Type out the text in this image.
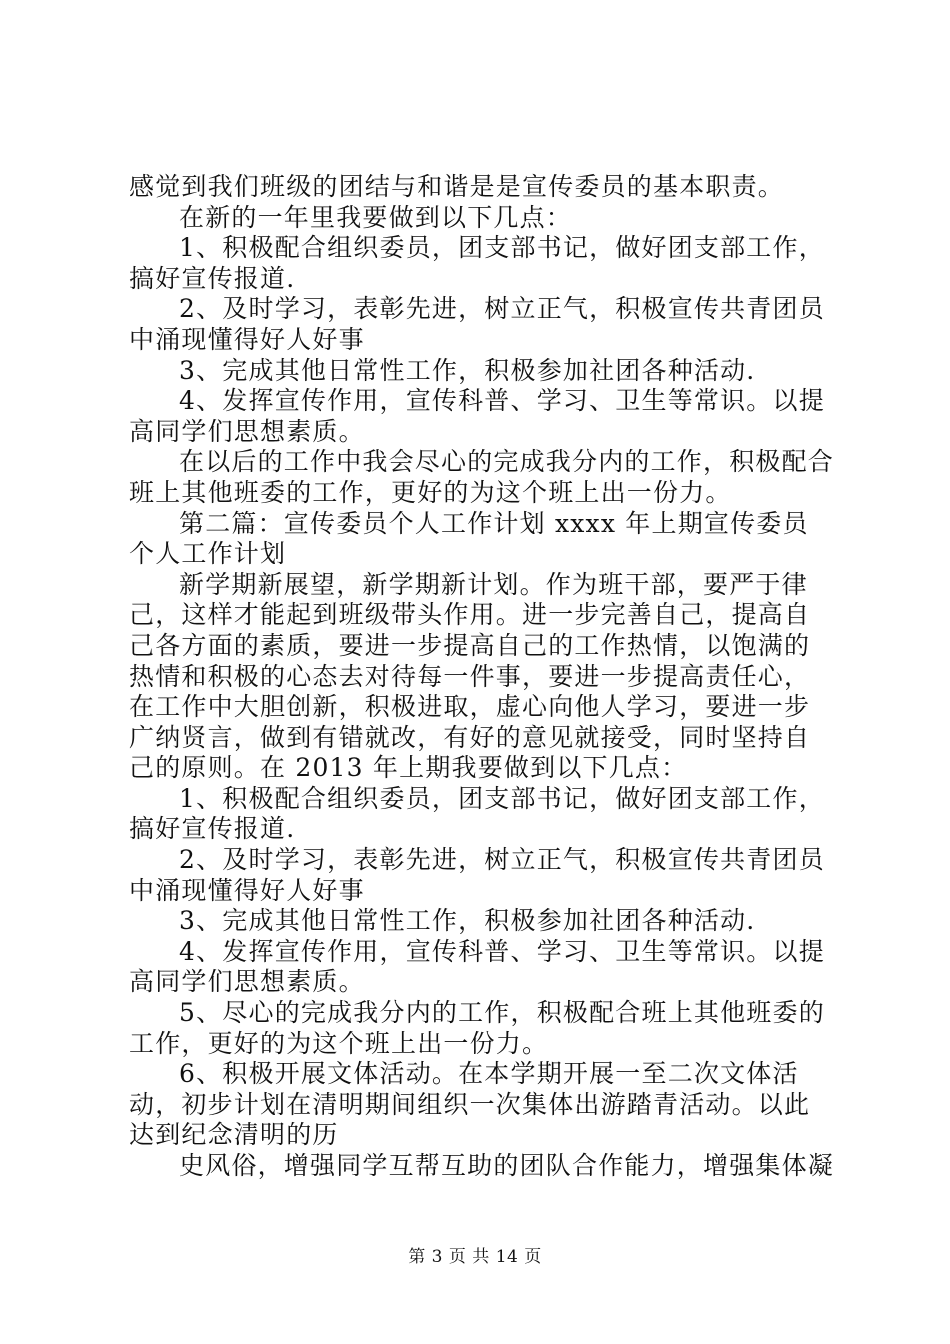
感觉到我们班级的团结与和谐是是宣传委员的基本职责。

在新的一年里我要做到以下几点：

1、积极配合组织委员，团支部书记，做好团支部工作，搞好宣传报道.

2、及时学习，表彰先进，树立正气，积极宣传共青团员中涌现懂得好人好事

3、完成其他日常性工作，积极参加社团各种活动.

4、发挥宣传作用，宣传科普、学习、卫生等常识。以提高同学们思想素质。

在以后的工作中我会尽心的完成我分内的工作，积极配合班上其他班委的工作，更好的为这个班上出一份力。

第二篇：宣传委员个人工作计划 xxxx 年上期宣传委员个人工作计划

新学期新展望，新学期新计划。作为班干部，要严于律己，这样才能起到班级带头作用。进一步完善自己，提高自己各方面的素质，要进一步提高自己的工作热情，以饱满的热情和积极的心态去对待每一件事，要进一步提高责任心，在工作中大胆创新，积极进取，虚心向他人学习，要进一步广纳贤言，做到有错就改，有好的意见就接受，同时坚持自己的原则。在 2013 年上期我要做到以下几点：

1、积极配合组织委员，团支部书记，做好团支部工作，搞好宣传报道.

2、及时学习，表彰先进，树立正气，积极宣传共青团员中涌现懂得好人好事

3、完成其他日常性工作，积极参加社团各种活动.

4、发挥宣传作用，宣传科普、学习、卫生等常识。以提高同学们思想素质。

5、尽心的完成我分内的工作，积极配合班上其他班委的工作，更好的为这个班上出一份力。

6、积极开展文体活动。在本学期开展一至二次文体活动，初步计划在清明期间组织一次集体出游踏青活动。以此达到纪念清明的历

史风俗，增强同学互帮互助的团队合作能力，增强集体凝

第 3 页 共 14 页
